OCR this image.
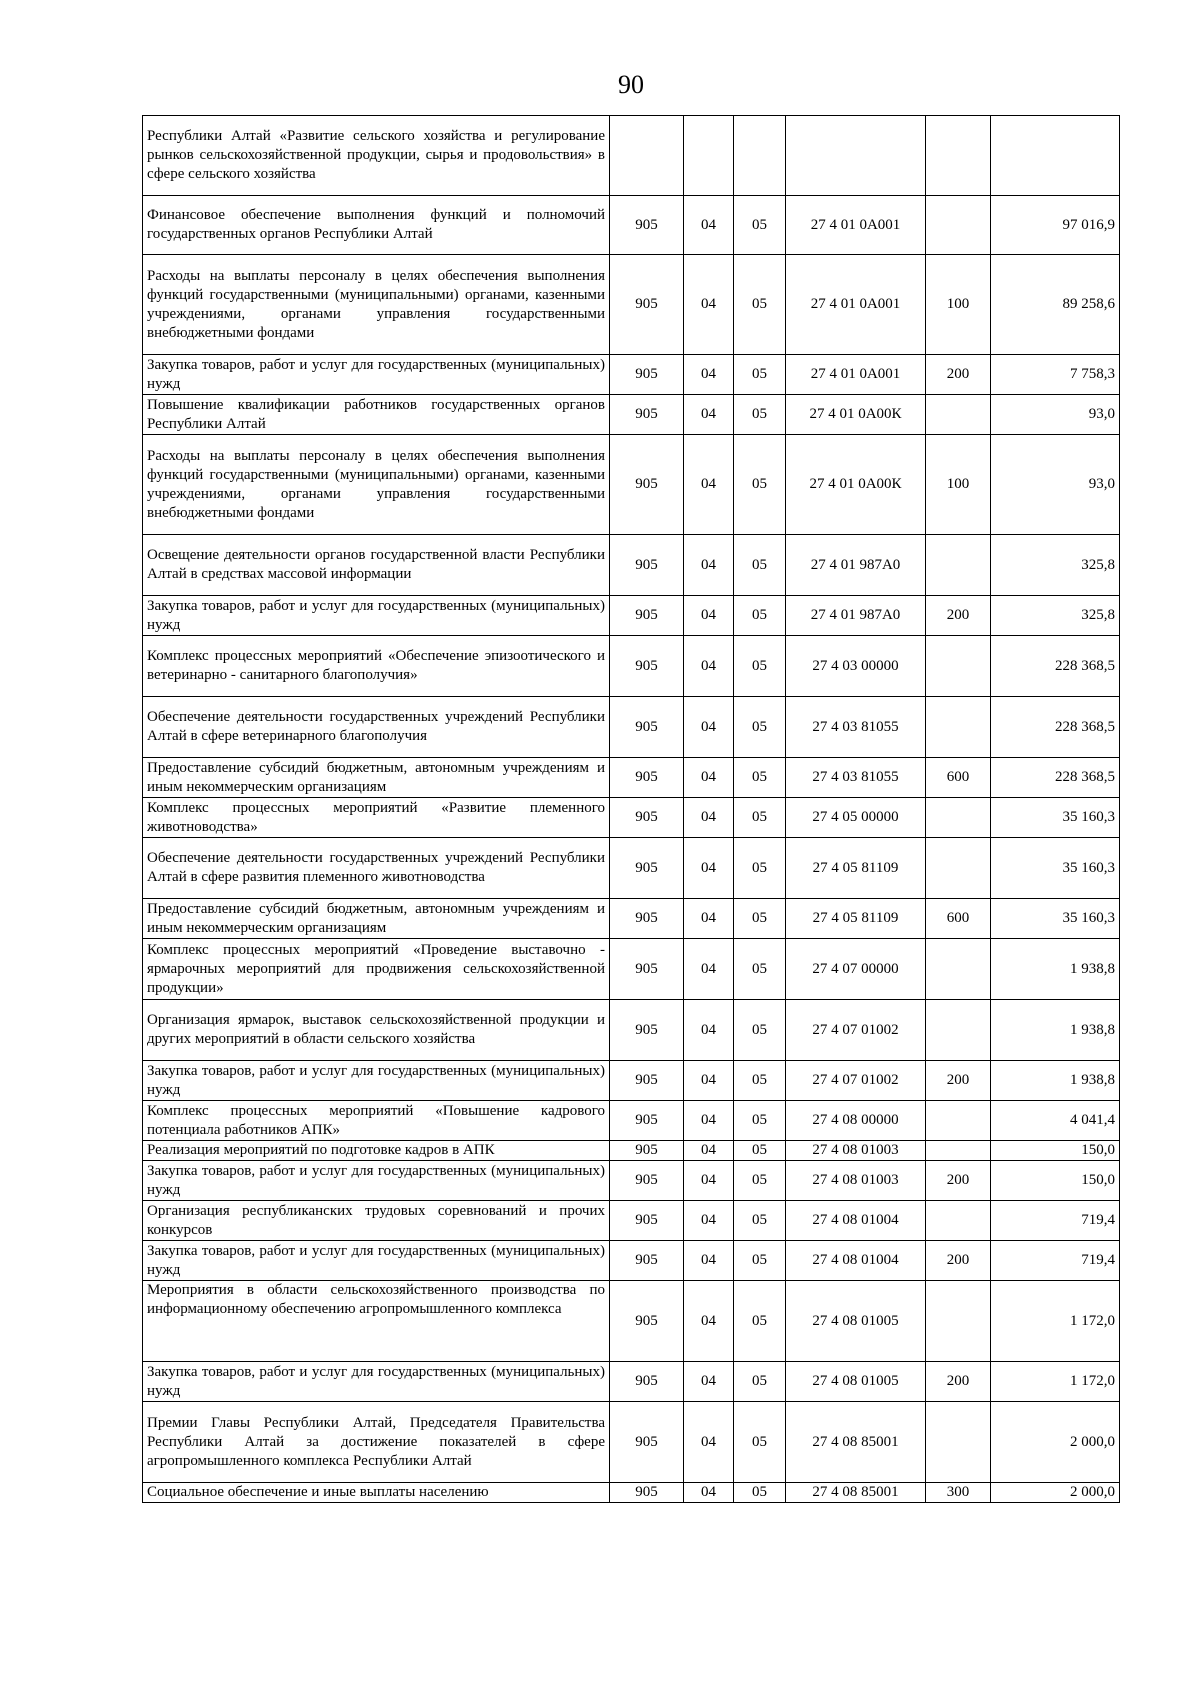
90
Республики Алтай «Развитие сельского хозяйства и регулирование рынков сельскохозяйственной продукции, сырья и продовольствия» в сфере сельского хозяйства						
Финансовое обеспечение выполнения функций и полномочий государственных органов Республики Алтай	905	04	05	27 4 01 0А001		97 016,9
Расходы на выплаты персоналу в целях обеспечения выполнения функций государственными (муниципальными) органами, казенными учреждениями, органами управления государственными внебюджетными фондами	905	04	05	27 4 01 0А001	100	89 258,6
Закупка товаров, работ и услуг для государственных (муниципальных) нужд	905	04	05	27 4 01 0А001	200	7 758,3
Повышение квалификации работников государственных органов Республики Алтай	905	04	05	27 4 01 0А00К		93,0
Расходы на выплаты персоналу в целях обеспечения выполнения функций государственными (муниципальными) органами, казенными учреждениями, органами управления государственными внебюджетными фондами	905	04	05	27 4 01 0А00К	100	93,0
Освещение деятельности органов государственной власти Республики Алтай в средствах массовой информации	905	04	05	27 4 01 987А0		325,8
Закупка товаров, работ и услуг для государственных (муниципальных) нужд	905	04	05	27 4 01 987А0	200	325,8
Комплекс процессных мероприятий «Обеспечение эпизоотического и ветеринарно - санитарного благополучия»	905	04	05	27 4 03 00000		228 368,5
Обеспечение деятельности государственных учреждений Республики Алтай в сфере ветеринарного благополучия	905	04	05	27 4 03 81055		228 368,5
Предоставление субсидий бюджетным, автономным учреждениям и иным некоммерческим организациям	905	04	05	27 4 03 81055	600	228 368,5
Комплекс процессных мероприятий «Развитие племенного животноводства»	905	04	05	27 4 05 00000		35 160,3
Обеспечение деятельности государственных учреждений Республики Алтай в сфере развития племенного животноводства	905	04	05	27 4 05 81109		35 160,3
Предоставление субсидий бюджетным, автономным учреждениям и иным некоммерческим организациям	905	04	05	27 4 05 81109	600	35 160,3
Комплекс процессных мероприятий «Проведение выставочно - ярмарочных мероприятий для продвижения сельскохозяйственной продукции»	905	04	05	27 4 07 00000		1 938,8
Организация ярмарок, выставок сельскохозяйственной продукции и других мероприятий в области сельского хозяйства	905	04	05	27 4 07 01002		1 938,8
Закупка товаров, работ и услуг для государственных (муниципальных) нужд	905	04	05	27 4 07 01002	200	1 938,8
Комплекс процессных мероприятий «Повышение кадрового потенциала работников АПК»	905	04	05	27 4 08 00000		4 041,4
Реализация мероприятий по подготовке кадров в АПК	905	04	05	27 4 08 01003		150,0
Закупка товаров, работ и услуг для государственных (муниципальных) нужд	905	04	05	27 4 08 01003	200	150,0
Организация республиканских трудовых соревнований и прочих конкурсов	905	04	05	27 4 08 01004		719,4
Закупка товаров, работ и услуг для государственных (муниципальных) нужд	905	04	05	27 4 08 01004	200	719,4
Мероприятия в области сельскохозяйственного производства по информационному обеспечению агропромышленного комплекса	905	04	05	27 4 08 01005		1 172,0
Закупка товаров, работ и услуг для государственных (муниципальных) нужд	905	04	05	27 4 08 01005	200	1 172,0
Премии Главы Республики Алтай, Председателя Правительства Республики Алтай за достижение показателей в сфере агропромышленного комплекса Республики Алтай	905	04	05	27 4 08 85001		2 000,0
Социальное обеспечение и иные выплаты населению	905	04	05	27 4 08 85001	300	2 000,0
